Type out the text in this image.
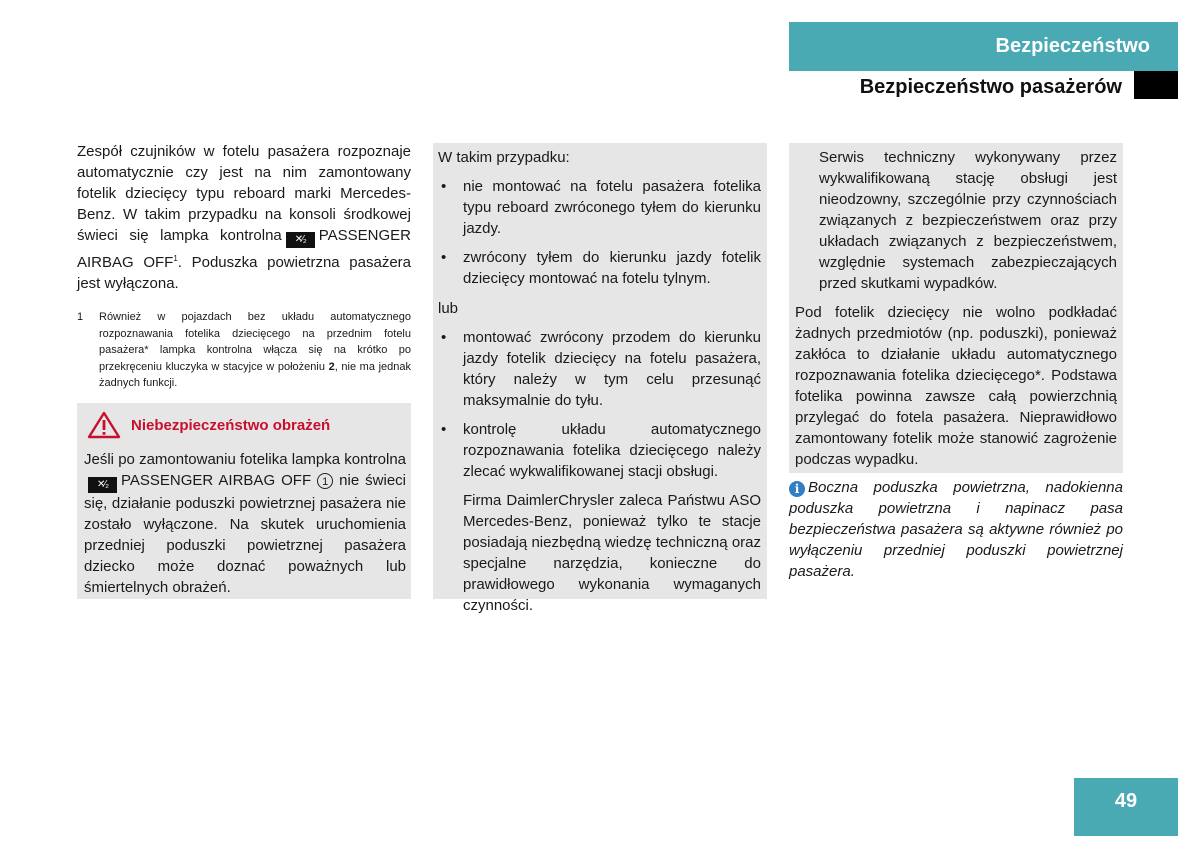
Bezpieczeństwo
Bezpieczeństwo pasażerów

Zespół czujników w fotelu pasażera rozpoznaje automatycznie czy jest na nim zamontowany fotelik dziecięcy typu reboard marki Mercedes-Benz. W takim przypadku na konsoli środkowej świeci się lampka kontrolna ✕⁄₂ PASSENGER AIRBAG OFF$^1$. Poduszka powietrzna pasażera jest wyłączona.

1	Również w pojazdach bez układu automatycznego rozpoznawania fotelika dziecięcego na przednim fotelu pasażera* lampka kontrolna włącza się na krótko po przekręceniu kluczyka w stacyjce w położeniu 2, nie ma jednak żadnych funkcji.
Niebezpieczeństwo obrażeń
Jeśli po zamontowaniu fotelika lampka kontrolna✕⁄₂ PASSENGER AIRBAG OFF 1 nie świeci się, działanie poduszki powietrznej pasażera nie zostało wyłączone. Na skutek uruchomienia przedniej poduszki powietrznej pasażera dziecko może doznać poważnych lub śmiertelnych obrażeń.

W takim przypadku:

•	nie montować na fotelu pasażera fotelika typu reboard zwróconego tyłem do kierunku jazdy.
•	zwrócony tyłem do kierunku jazdy fotelik dziecięcy montować na fotelu tylnym.

lub

•	montować zwrócony przodem do kierunku jazdy fotelik dziecięcy na fotelu pasażera, który należy w tym celu przesunąć maksymalnie do tyłu.
•	kontrolę układu automatycznego rozpoznawania fotelika dziecięcego należy zlecać wykwalifikowanej stacji obsługi.

Firma DaimlerChrysler zaleca Państwu ASO Mercedes-Benz, ponieważ tylko te stacje posiadają niezbędną wiedzę techniczną oraz specjalne narzędzia, konieczne do prawidłowego wykonania wymaganych czynności.

Serwis techniczny wykonywany przez wykwalifikowaną stację obsługi jest nieodzowny, szczególnie przy czynnościach związanych z bezpieczeństwem oraz przy układach związanych z bezpieczeństwem, względnie systemach zabezpieczających przed skutkami wypadków.

Pod fotelik dziecięcy nie wolno podkładać żadnych przedmiotów (np. poduszki), ponieważ zakłóca to działanie układu automatycznego rozpoznawania fotelika dziecięcego*. Podstawa fotelika powinna zawsze całą powierzchnią przylegać do fotela pasażera. Nieprawidłowo zamontowany fotelik może stanowić zagrożenie podczas wypadku.

i Boczna poduszka powietrzna, nadokienna poduszka powietrzna i napinacz pasa bezpieczeństwa pasażera są aktywne również po wyłączeniu przedniej poduszki powietrznej pasażera.
49
